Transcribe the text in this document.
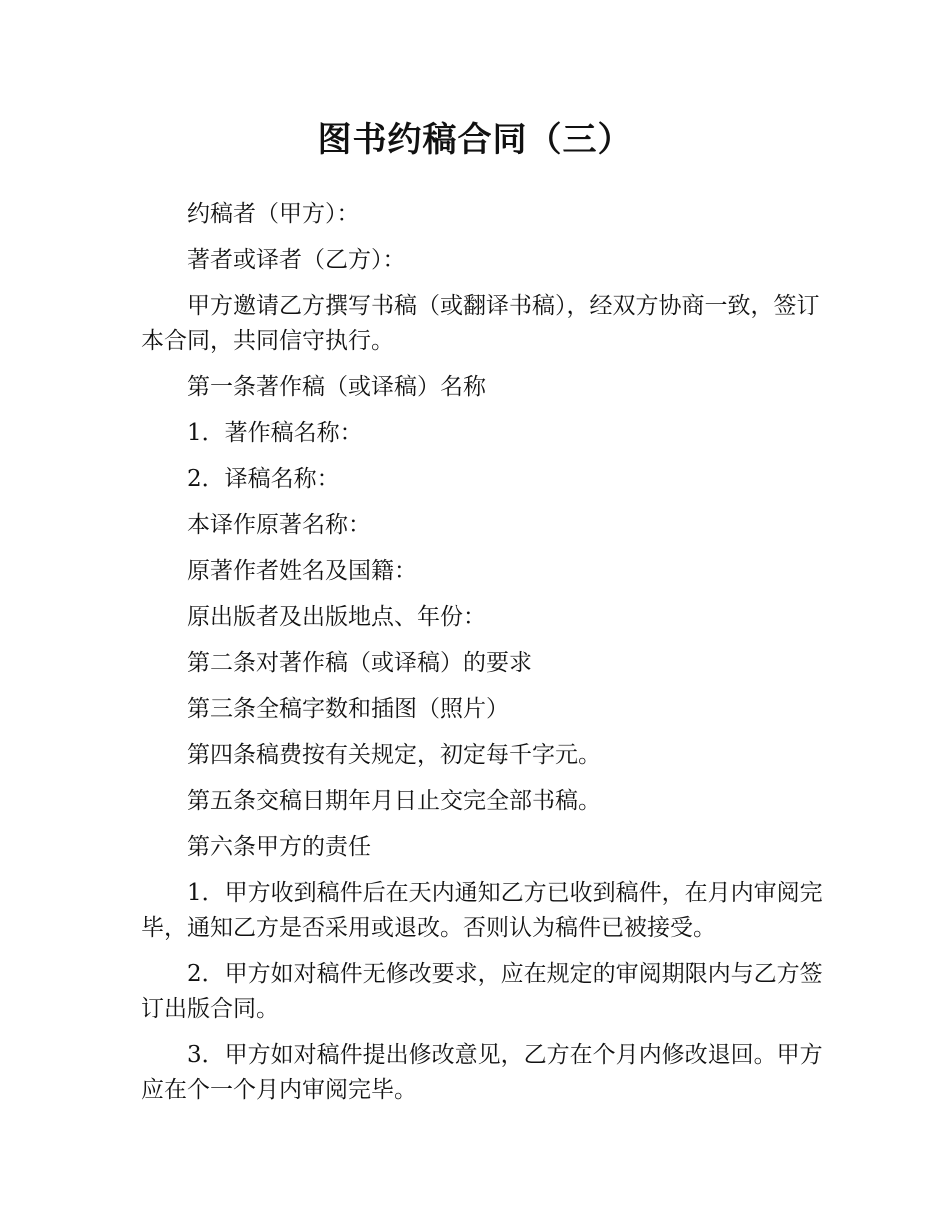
图书约稿合同（三）

约稿者（甲方）：

著者或译者（乙方）：

甲方邀请乙方撰写书稿（或翻译书稿），经双方协商一致，签订本合同，共同信守执行。

第一条著作稿（或译稿）名称

1．著作稿名称：

2．译稿名称：

本译作原著名称：

原著作者姓名及国籍：

原出版者及出版地点、年份：

第二条对著作稿（或译稿）的要求

第三条全稿字数和插图（照片）

第四条稿费按有关规定，初定每千字元。

第五条交稿日期年月日止交完全部书稿。

第六条甲方的责任

1．甲方收到稿件后在天内通知乙方已收到稿件，在月内审阅完毕，通知乙方是否采用或退改。否则认为稿件已被接受。

2．甲方如对稿件无修改要求，应在规定的审阅期限内与乙方签订出版合同。

3．甲方如对稿件提出修改意见，乙方在个月内修改退回。甲方应在个一个月内审阅完毕。
